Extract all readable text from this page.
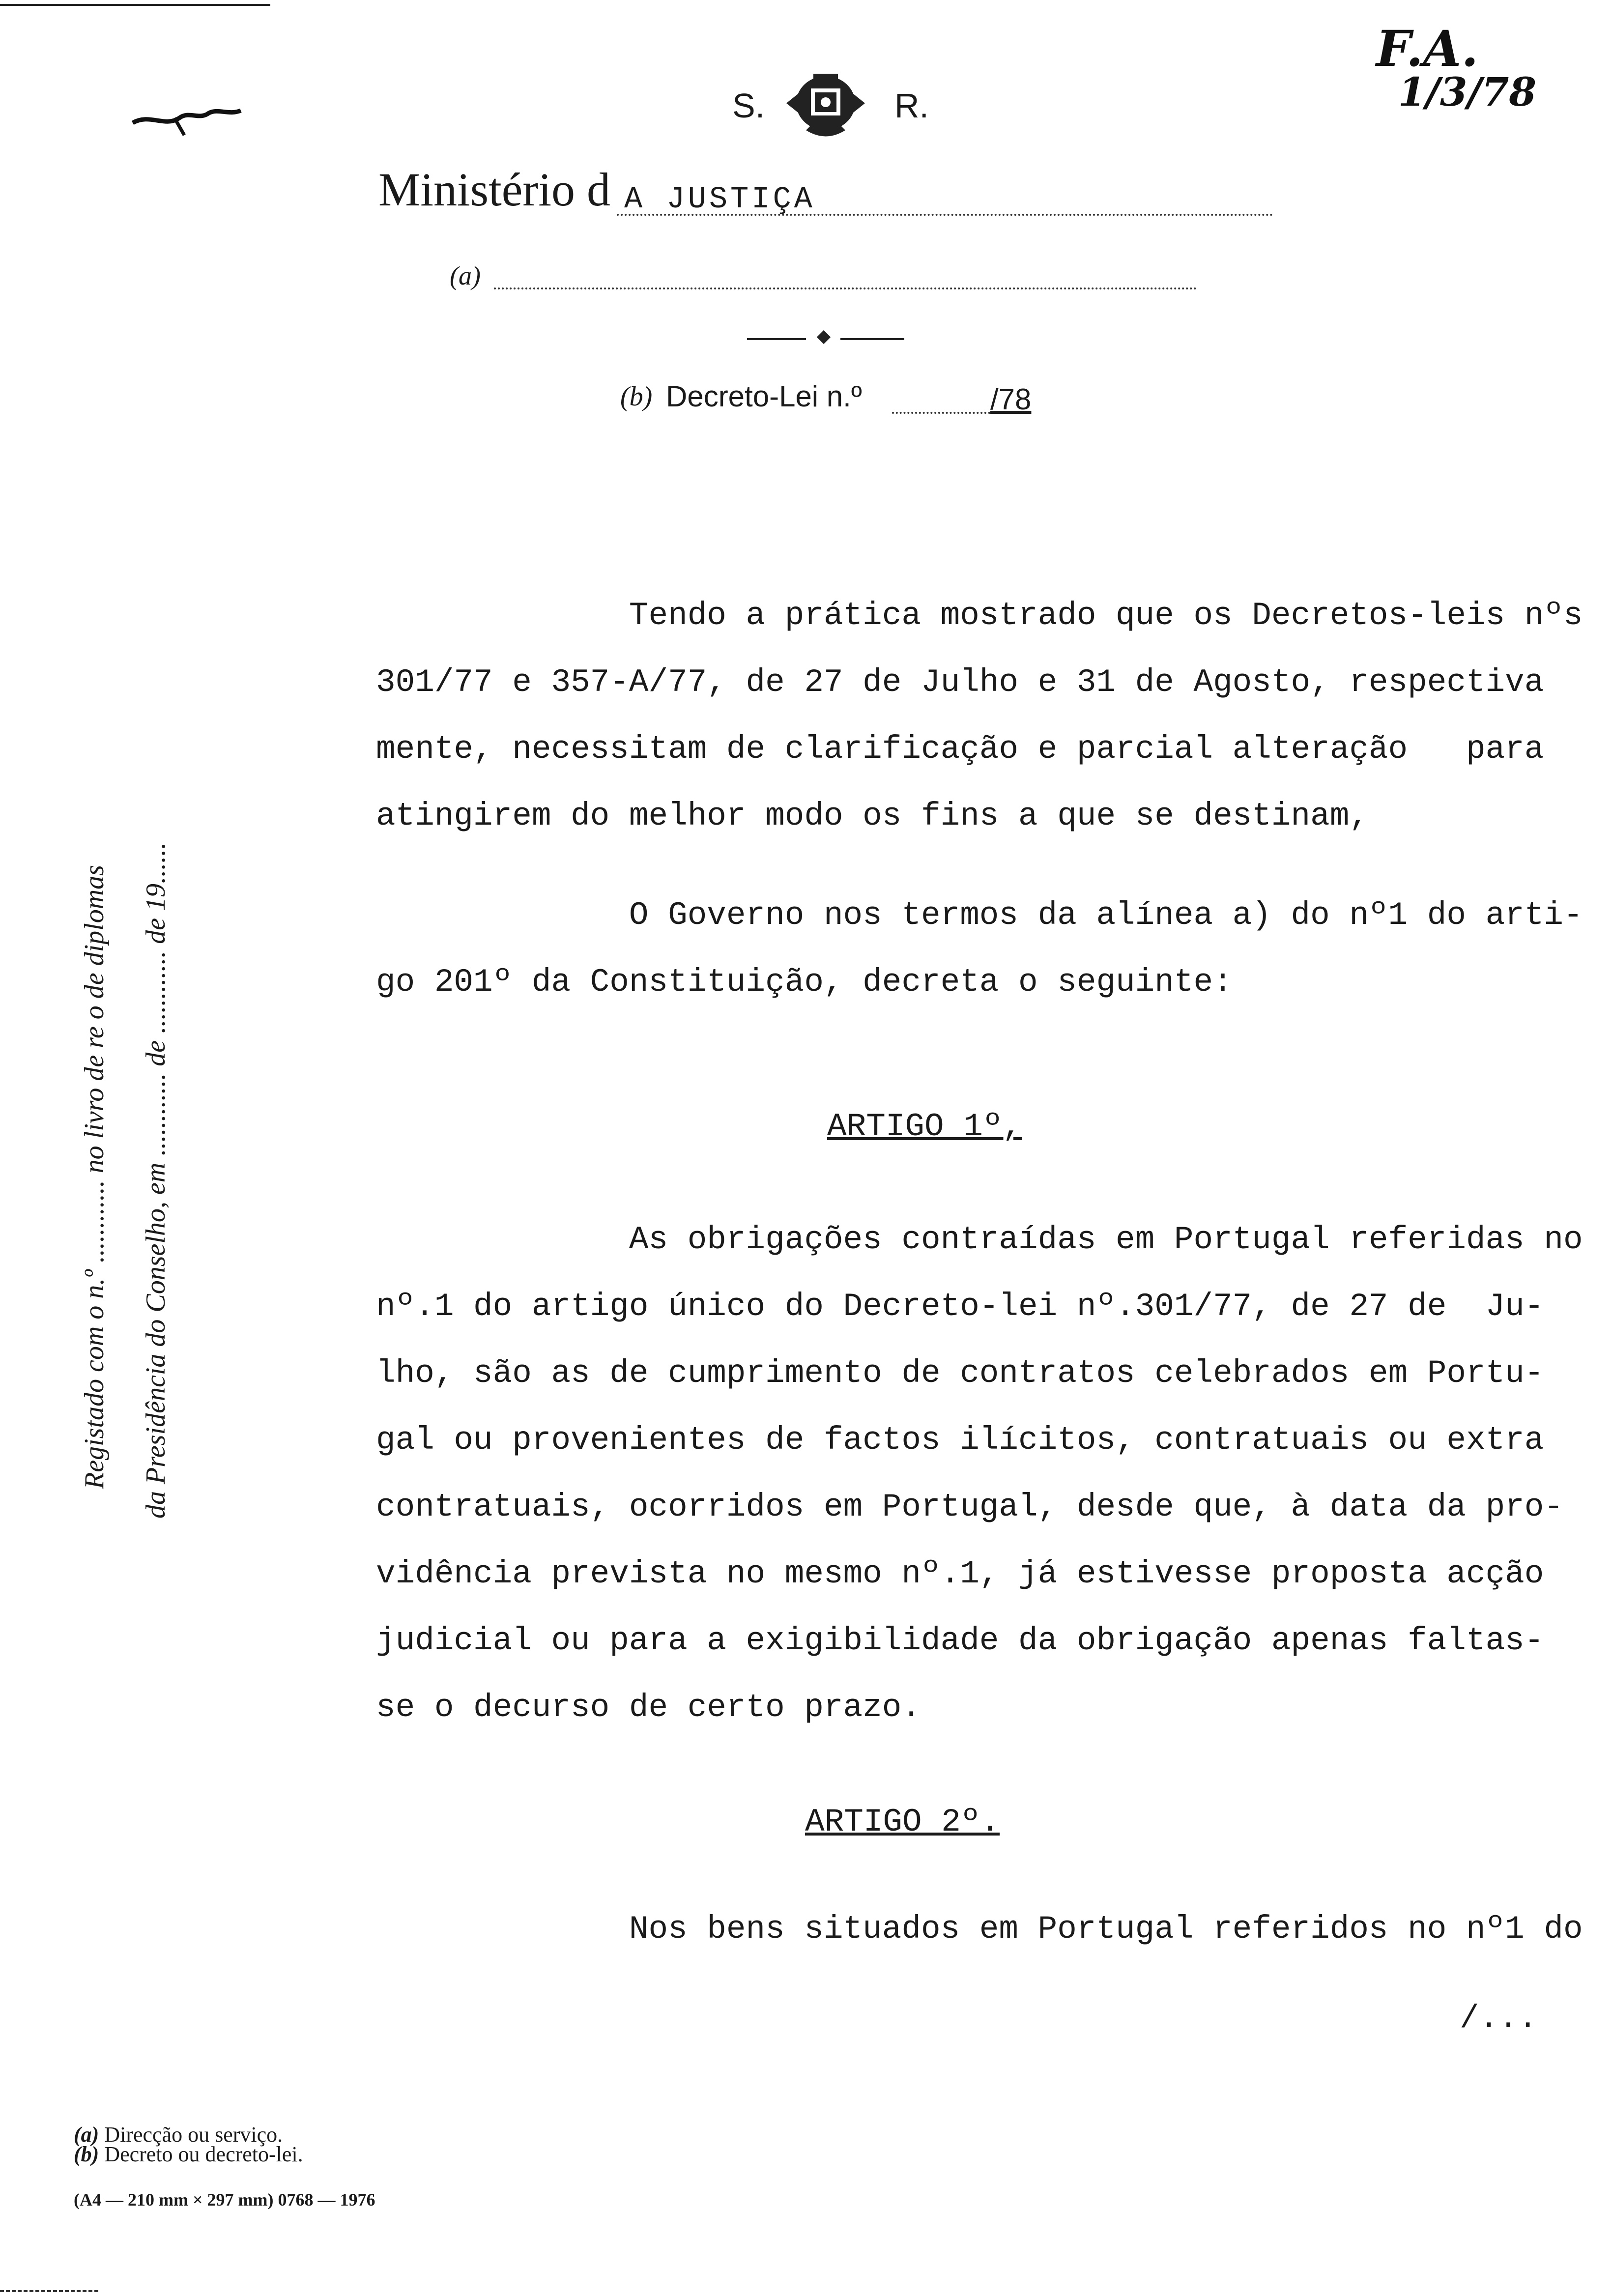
F.A.
1/3/78
S.	R.
Ministério d A JUSTIÇA
(a)
(b) Decreto-Lei n.º	/78
Registado com o n.º ............ no livro de re o de diplomas da Presidência do Conselho, em ............ de ............ de 19......
Tendo a prática mostrado que os Decretos-leis nºs
301/77 e 357-A/77, de 27 de Julho e 31 de Agosto, respectiva
mente, necessitam de clarificação e parcial alteração   para
atingirem do melhor modo os fins a que se destinam,
O Governo nos termos da alínea a) do nº1 do arti-
go 201º da Constituição, decreta o seguinte:
ARTIGO 1º,
As obrigações contraídas em Portugal referidas no
nº.1 do artigo único do Decreto-lei nº.301/77, de 27 de  Ju-
lho, são as de cumprimento de contratos celebrados em Portu-
gal ou provenientes de factos ilícitos, contratuais ou extra
contratuais, ocorridos em Portugal, desde que, à data da pro-
vidência prevista no mesmo nº.1, já estivesse proposta acção
judicial ou para a exigibilidade da obrigação apenas faltas-
se o decurso de certo prazo.
ARTIGO 2º.
Nos bens situados em Portugal referidos no nº1 do
/...
(a) Direcção ou serviço.
(b) Decreto ou decreto-lei.
(A4 — 210 mm × 297 mm) 0768 — 1976
